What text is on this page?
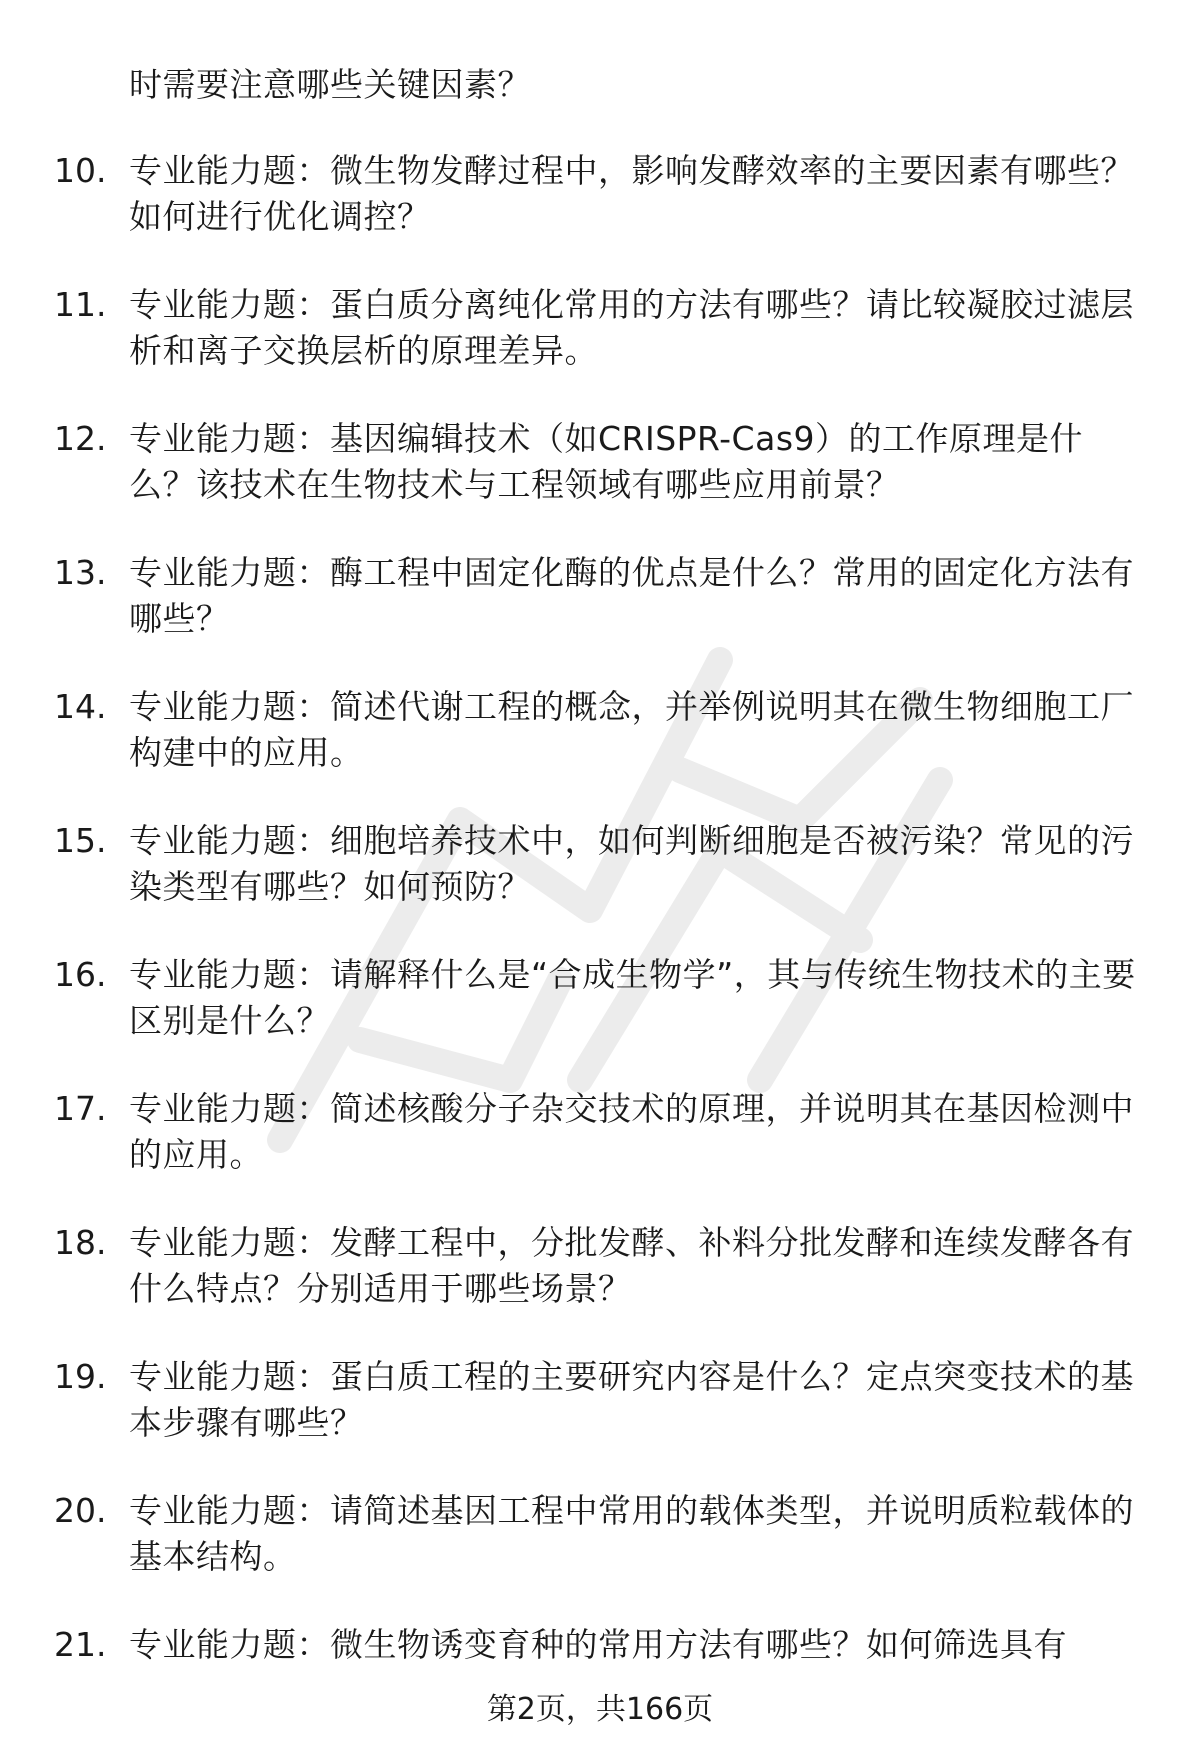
时需要注意哪些关键因素？
10. 专业能力题：微生物发酵过程中，影响发酵效率的主要因素有哪些？如何进行优化调控？
11. 专业能力题：蛋白质分离纯化常用的方法有哪些？请比较凝胶过滤层析和离子交换层析的原理差异。
12. 专业能力题：基因编辑技术（如CRISPR-Cas9）的工作原理是什么？该技术在生物技术与工程领域有哪些应用前景？
13. 专业能力题：酶工程中固定化酶的优点是什么？常用的固定化方法有哪些？
14. 专业能力题：简述代谢工程的概念，并举例说明其在微生物细胞工厂构建中的应用。
15. 专业能力题：细胞培养技术中，如何判断细胞是否被污染？常见的污染类型有哪些？如何预防？
16. 专业能力题：请解释什么是“合成生物学”，其与传统生物技术的主要区别是什么？
17. 专业能力题：简述核酸分子杂交技术的原理，并说明其在基因检测中的应用。
18. 专业能力题：发酵工程中，分批发酵、补料分批发酵和连续发酵各有什么特点？分别适用于哪些场景？
19. 专业能力题：蛋白质工程的主要研究内容是什么？定点突变技术的基本步骤有哪些？
20. 专业能力题：请简述基因工程中常用的载体类型，并说明质粒载体的基本结构。
21. 专业能力题：微生物诱变育种的常用方法有哪些？如何筛选具有
第2页，共166页
